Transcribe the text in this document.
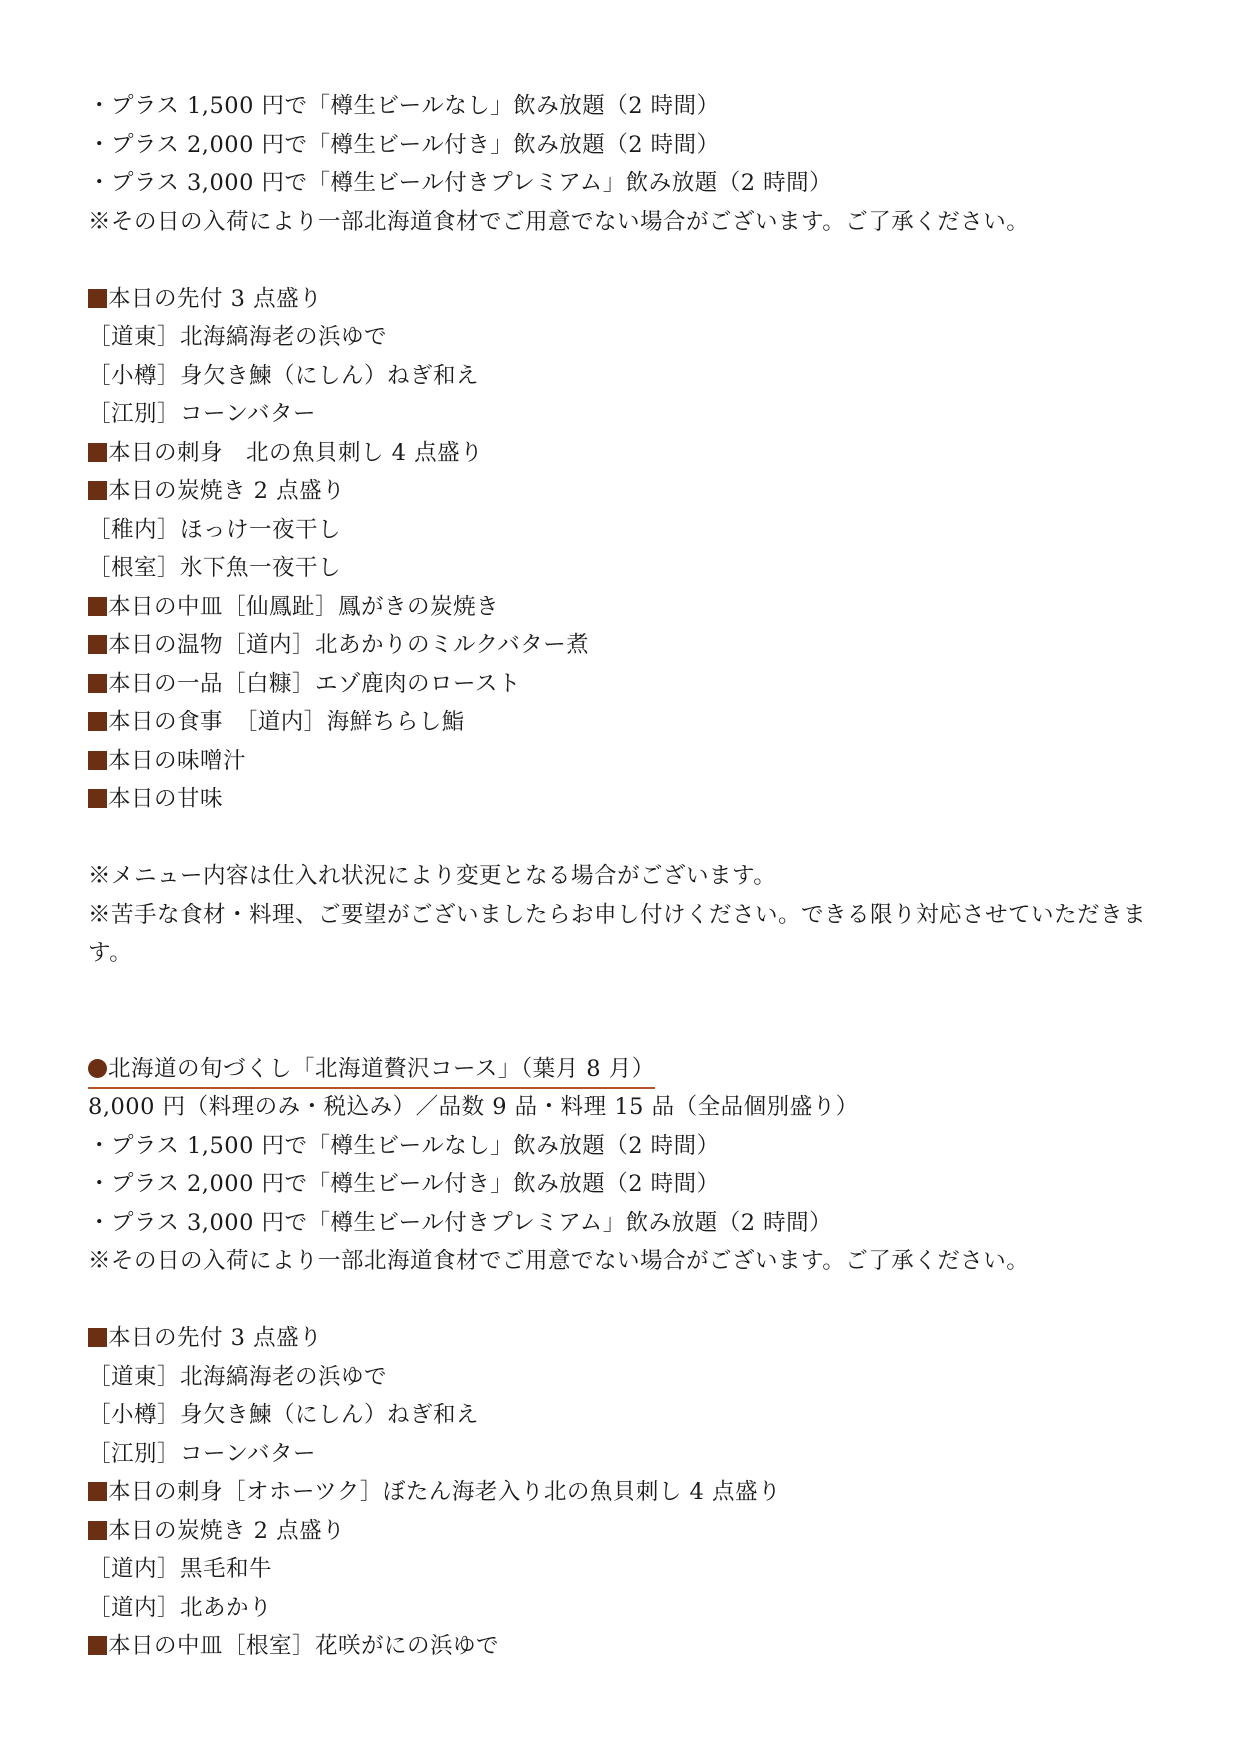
・プラス 1,500 円で「樽生ビールなし」飲み放題（2 時間）
・プラス 2,000 円で「樽生ビール付き」飲み放題（2 時間）
・プラス 3,000 円で「樽生ビール付きプレミアム」飲み放題（2 時間）
※その日の入荷により一部北海道食材でご用意でない場合がございます。ご了承ください。
本日の先付 3 点盛り
［道東］北海縞海老の浜ゆで
［小樽］身欠き鰊（にしん）ねぎ和え
［江別］コーンバター
本日の刺身　北の魚貝刺し 4 点盛り
本日の炭焼き 2 点盛り
［稚内］ほっけ一夜干し
［根室］氷下魚一夜干し
本日の中皿［仙鳳趾］鳳がきの炭焼き
本日の温物［道内］北あかりのミルクバター煮
本日の一品［白糠］エゾ鹿肉のロースト
本日の食事　［道内］海鮮ちらし鮨
本日の味噌汁
本日の甘味
※メニュー内容は仕入れ状況により変更となる場合がございます。
※苦手な食材・料理、ご要望がございましたらお申し付けください。できる限り対応させていただきます。
北海道の旬づくし「北海道贅沢コース」（葉月 8 月）
8,000 円（料理のみ・税込み）／品数 9 品・料理 15 品（全品個別盛り）
・プラス 1,500 円で「樽生ビールなし」飲み放題（2 時間）
・プラス 2,000 円で「樽生ビール付き」飲み放題（2 時間）
・プラス 3,000 円で「樽生ビール付きプレミアム」飲み放題（2 時間）
※その日の入荷により一部北海道食材でご用意でない場合がございます。ご了承ください。
本日の先付 3 点盛り
［道東］北海縞海老の浜ゆで
［小樽］身欠き鰊（にしん）ねぎ和え
［江別］コーンバター
本日の刺身［オホーツク］ぼたん海老入り北の魚貝刺し 4 点盛り
本日の炭焼き 2 点盛り
［道内］黒毛和牛
［道内］北あかり
本日の中皿［根室］花咲がにの浜ゆで
